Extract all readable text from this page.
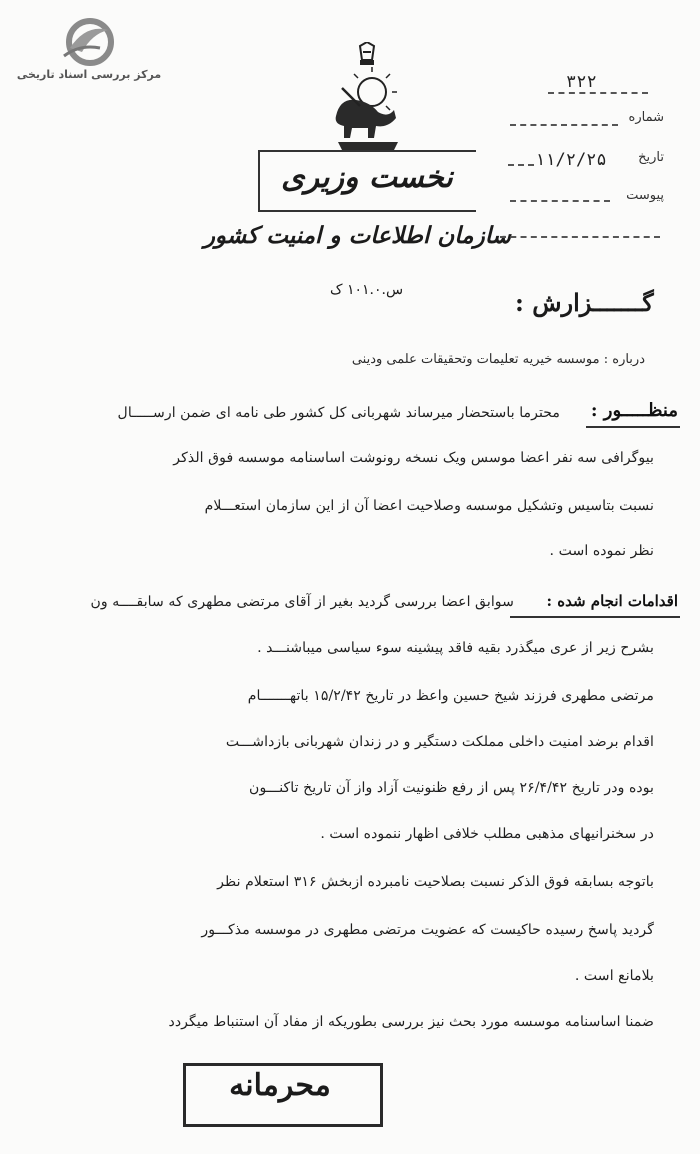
مرکز بررسی اسناد تاریخی
نخست وزیری
سازمان اطلاعات و امنیت کشور
س.۱۰۱.۰ ک
۳۲۲
شماره
تاریخ
۱۱/۲/۲۵
پیوست
گـــــــزارش :
درباره : موسسه خیریه تعلیمات وتحقیقات علمی ودینی
منظـــــور :
محترما باستحضار میرساند شهربانی کل کشور طی نامه ای ضمن ارســـــال
بیوگرافی سه نفر اعضا موسس ویک نسخه رونوشت اساسنامه موسسه فوق الذکر
نسبت بتاسیس وتشکیل موسسه وصلاحیت اعضا آن از این سازمان استعـــلام
نظر نموده است .
اقدامات انجام شده :
سوابق اعضا بررسی گردید بغیر از آقای مرتضی مطهری که سابقــــه ون
بشرح زیر از عری میگذرد بقیه فاقد پیشینه سوء سیاسی میباشنـــد .
مرتضی مطهری فرزند شیخ حسین واعظ در تاریخ ۱۵/۲/۴۲ باتهـــــــام
اقدام برضد امنیت داخلی مملکت دستگیر و در زندان شهربانی بازداشـــت
بوده ودر تاریخ ۲۶/۴/۴۲ پس از رفع ظنونیت آزاد واز آن تاریخ تاکنـــون
در سخنرانیهای مذهبی مطلب خلافی اظهار ننموده است .
باتوجه بسابقه فوق الذکر نسبت بصلاحیت نامبرده ازبخش ۳۱۶ استعلام نظر
گردید پاسخ رسیده حاکیست که عضویت مرتضی مطهری در موسسه مذکـــور
بلامانع است .
ضمنا اساسنامه موسسه مورد بحث نیز بررسی بطوریکه از مفاد آن استنباط میگردد
محرمانه
